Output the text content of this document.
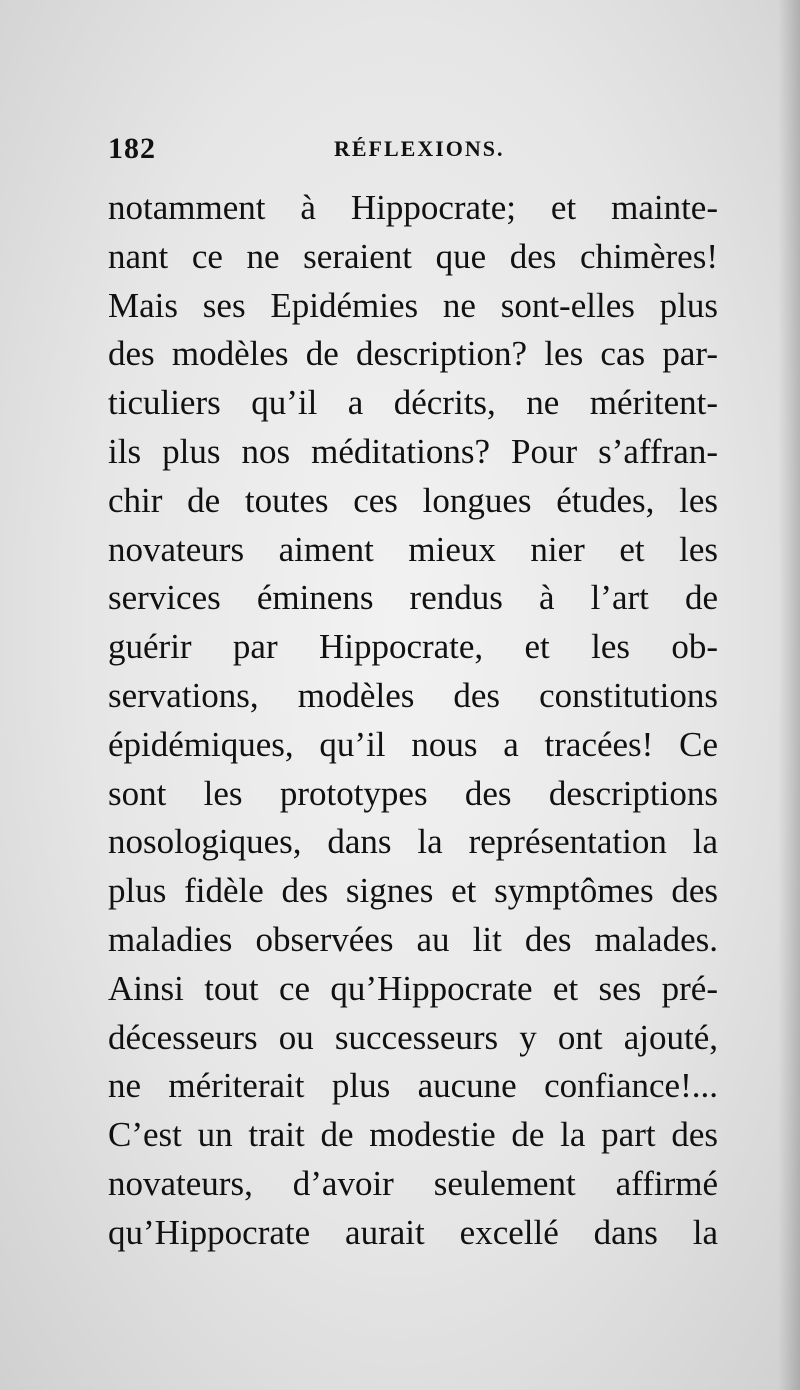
182	RÉFLEXIONS.
notamment à Hippocrate; et mainte-
nant ce ne seraient que des chimères!
Mais ses Epidémies ne sont-elles plus
des modèles de description? les cas par-
ticuliers qu’il a décrits, ne méritent-
ils plus nos méditations? Pour s’affran-
chir de toutes ces longues études, les
novateurs aiment mieux nier et les
services éminens rendus à l’art de
guérir par Hippocrate, et les ob-
servations, modèles des constitutions
épidémiques, qu’il nous a tracées! Ce
sont les prototypes des descriptions
nosologiques, dans la représentation la
plus fidèle des signes et symptômes des
maladies observées au lit des malades.
Ainsi tout ce qu’Hippocrate et ses pré-
décesseurs ou successeurs y ont ajouté,
ne mériterait plus aucune confiance!...
C’est un trait de modestie de la part des
novateurs, d’avoir seulement affirmé
qu’Hippocrate aurait excellé dans la
